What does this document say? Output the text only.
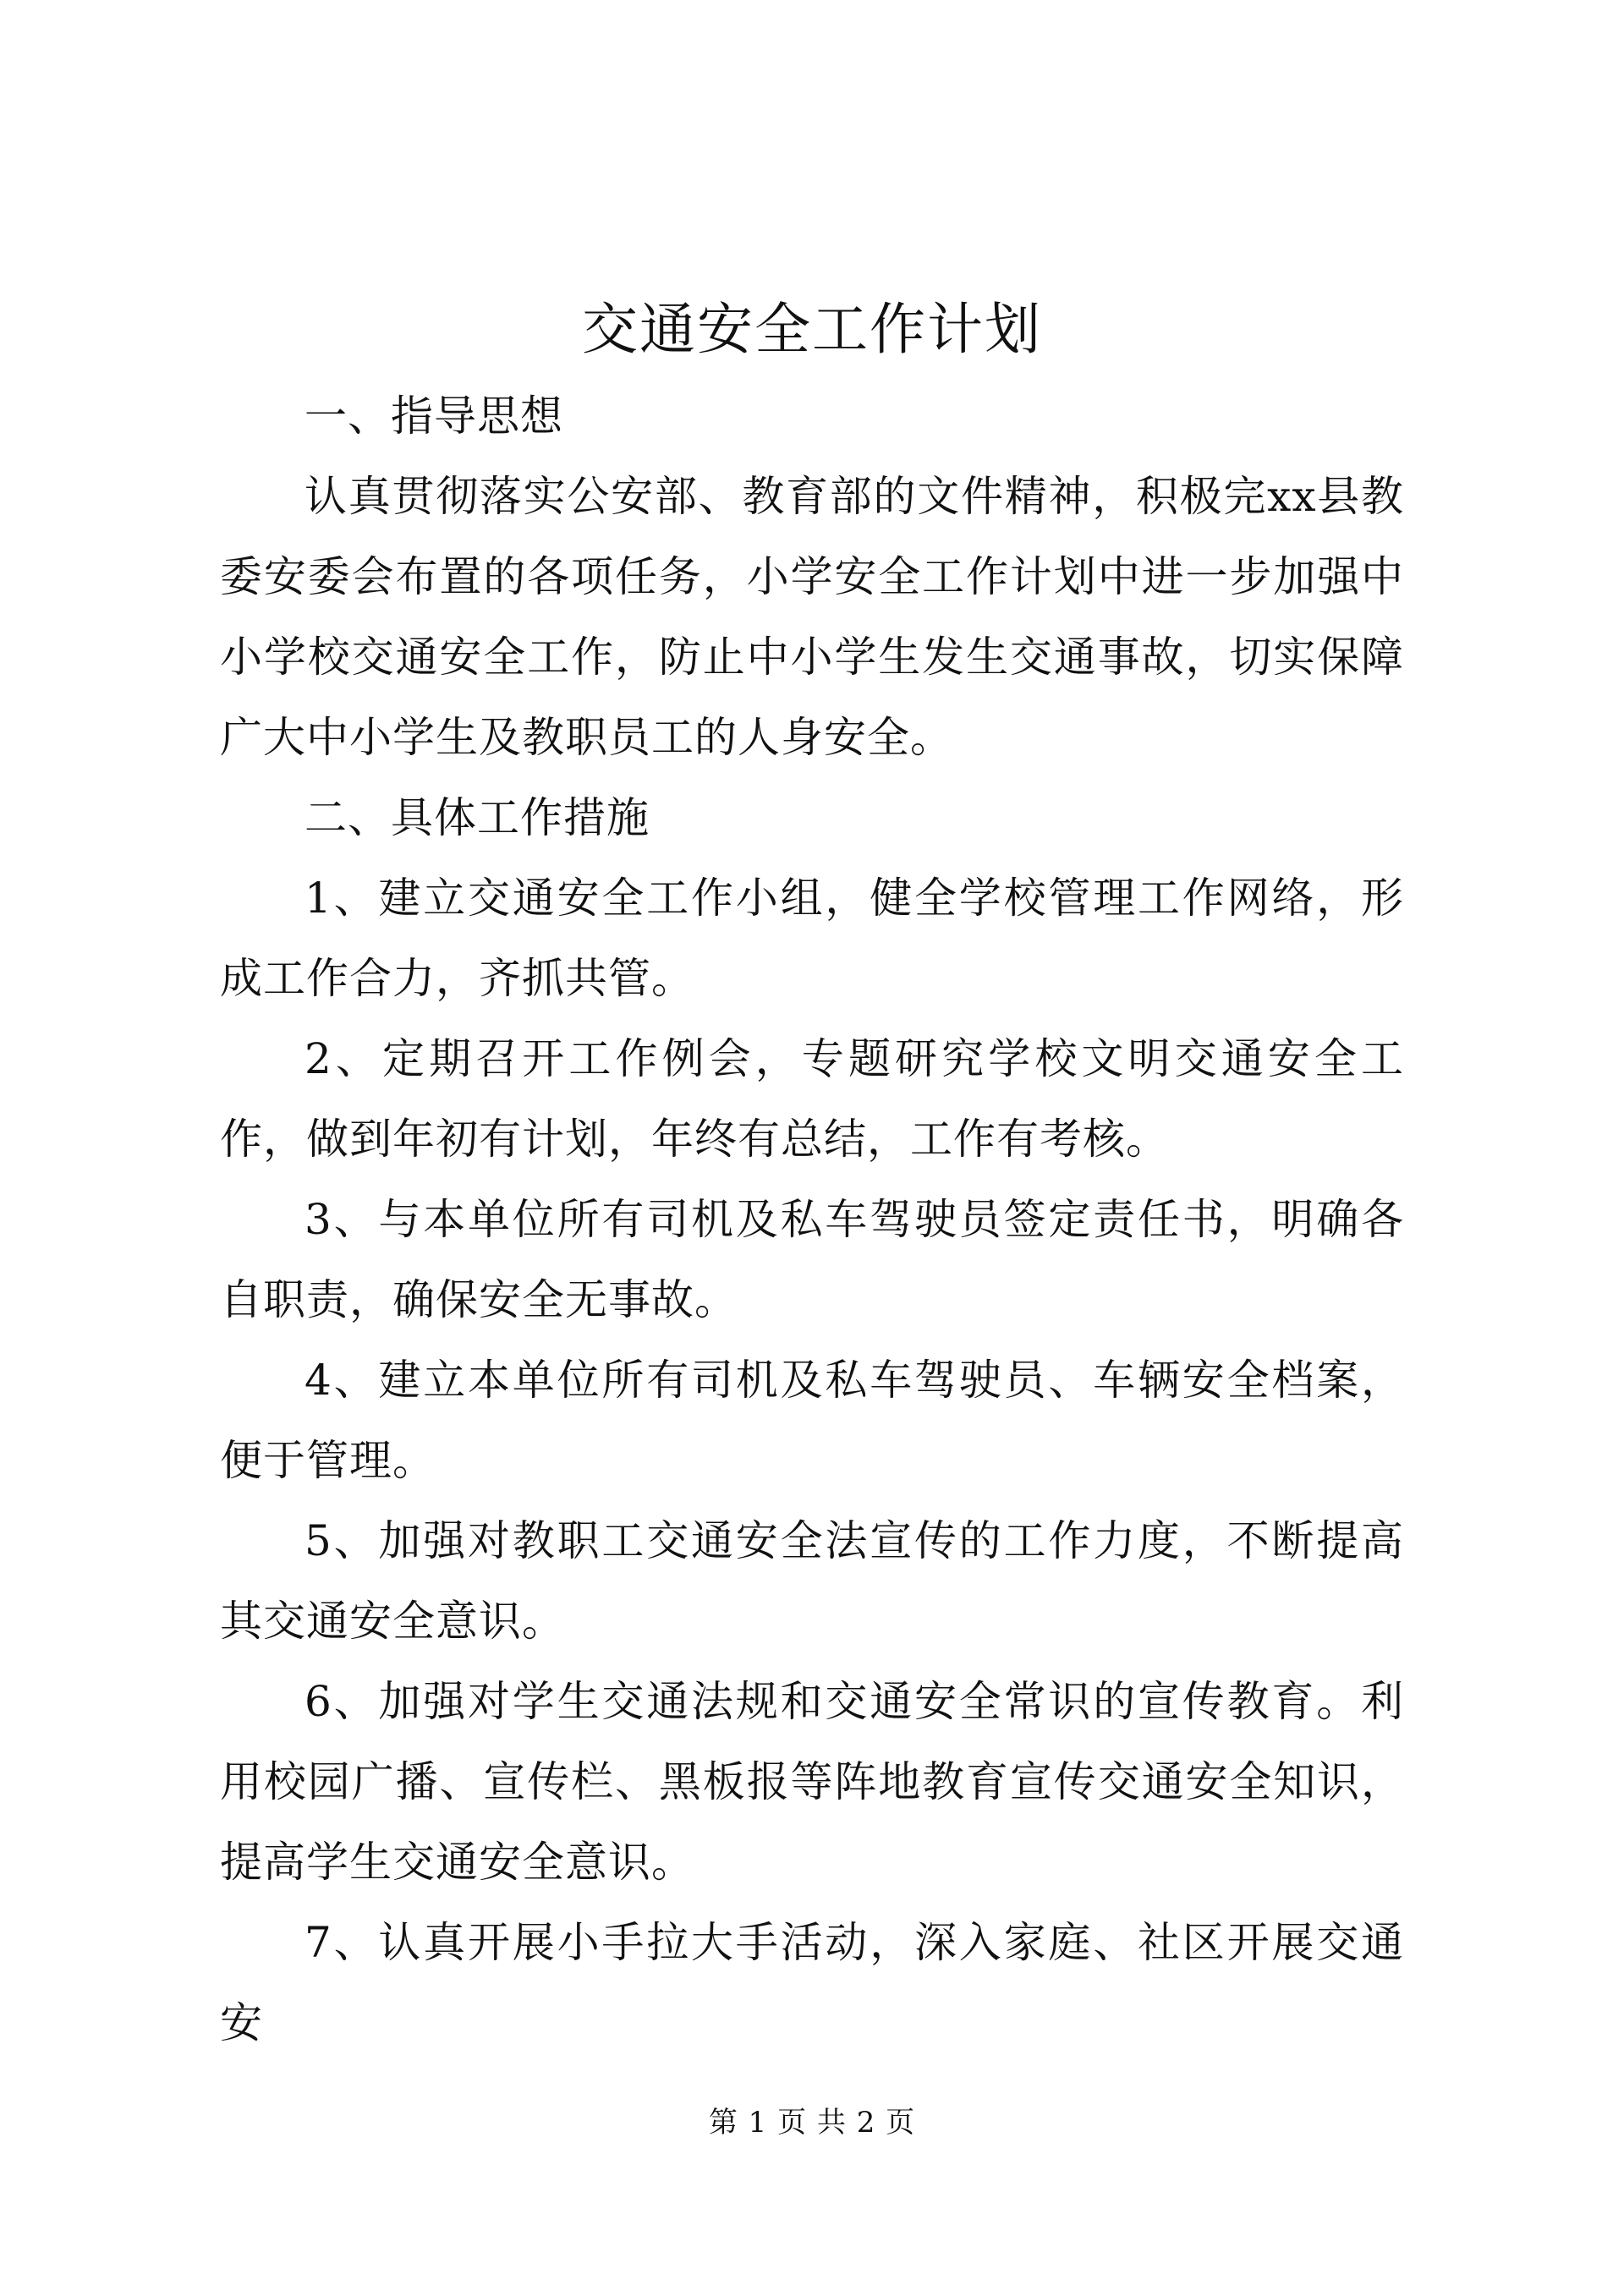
交通安全工作计划

一、指导思想

认真贯彻落实公安部、教育部的文件精神，积极完xx县教委安委会布置的各项任务，小学安全工作计划中进一步加强中小学校交通安全工作，防止中小学生发生交通事故，切实保障广大中小学生及教职员工的人身安全。

二、具体工作措施

1、建立交通安全工作小组，健全学校管理工作网络，形成工作合力，齐抓共管。

2、定期召开工作例会，专题研究学校文明交通安全工作，做到年初有计划，年终有总结，工作有考核。

3、与本单位所有司机及私车驾驶员签定责任书，明确各自职责，确保安全无事故。

4、建立本单位所有司机及私车驾驶员、车辆安全档案，便于管理。

5、加强对教职工交通安全法宣传的工作力度，不断提高其交通安全意识。

6、加强对学生交通法规和交通安全常识的宣传教育。利用校园广播、宣传栏、黑板报等阵地教育宣传交通安全知识，提高学生交通安全意识。

7、认真开展小手拉大手活动，深入家庭、社区开展交通安

第 1 页 共 2 页
